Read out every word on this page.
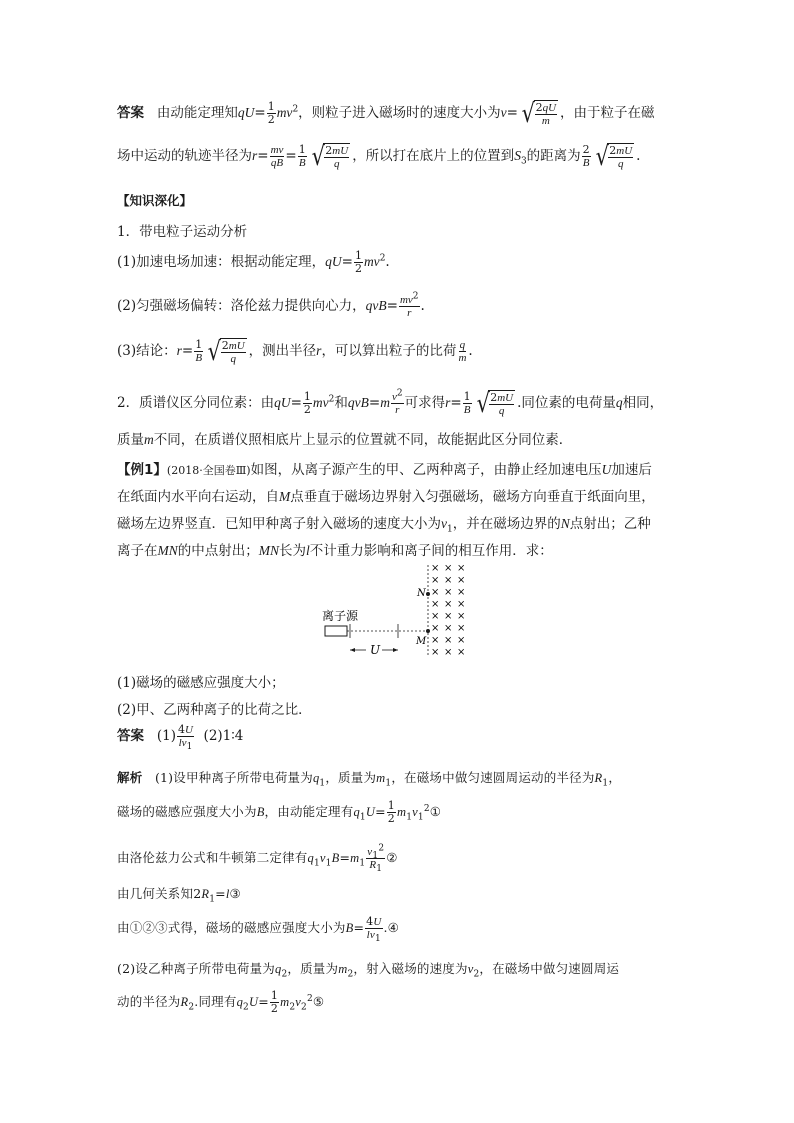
答案 由动能定理知$qU= \frac{1}{2} mv^2$，则粒子进入磁场时的速度大小为v= √ $\frac{2qU}{m}$ ，由于粒子在磁
场中运动的轨迹半径为$r= \frac{mv}{qB} = \frac{1}{B}$ √ $\frac{2mU}{q}$ ，所以打在底片上的位置到$S_3$的距离为 $\frac{2}{B}$ √ $\frac{2mU}{q}$ .
【知识深化】
1．带电粒子运动分析
(1)加速电场加速：根据动能定理，$qU= \frac{1}{2} mv^2$.
(2)匀强磁场偏转：洛伦兹力提供向心力，$qvB= \frac{mv^2}{r}$ .
(3)结论：$r= \frac{1}{B}$ √ $\frac{2mU}{q}$ ，测出半径r，可以算出粒子的比荷 $\frac{q}{m}$ .
2．质谱仪区分同位素：由$qU= \frac{1}{2} mv^2$和$qvB=m \frac{v^2}{r}$ 可求得$r= \frac{1}{B}$ √ $\frac{2mU}{q}$ .同位素的电荷量q相同，
质量m不同，在质谱仪照相底片上显示的位置就不同，故能据此区分同位素．
【例1】(2018·全国卷Ⅲ)如图，从离子源产生的甲、乙两种离子，由静止经加速电压U加速后
在纸面内水平向右运动，自M点垂直于磁场边界射入匀强磁场，磁场方向垂直于纸面向里，
磁场左边界竖直．已知甲种离子射入磁场的速度大小为$v_1$，并在磁场边界的N点射出；乙种
离子在MN的中点射出；MN长为l不计重力影响和离子间的相互作用．求：
离子源
U
N
M
× × ×
× × ×
× × ×
× × ×
× × ×
× × ×
× × ×
× × ×
(1)磁场的磁感应强度大小；
(2)甲、乙两种离子的比荷之比．
答案 $(1) \frac{4U}{lv_1}$ (2)1∶4
解析 (1)设甲种离子所带电荷量为$q_1$，质量为$m_1$，在磁场中做匀速圆周运动的半径为$R_1$，
磁场的磁感应强度大小为B，由动能定理有$q_1U= \frac{1}{2}$ $m_1v_1^2①$
由洛伦兹力公式和牛顿第二定律有$q_1v_1B=m_1 \frac{v_1^2}{R_1}$ ②
由几何关系知$2R_1=l③$
由①②③式得，磁场的磁感应强度大小为$B= \frac{4U}{lv_1}$ .④
(2)设乙种离子所带电荷量为$q_2$，质量为$m_2$，射入磁场的速度为$v_2$，在磁场中做匀速圆周运
动的半径为$R_2$.同理有$q_2U= \frac{1}{2}$ $m_2v_2^2⑤$
